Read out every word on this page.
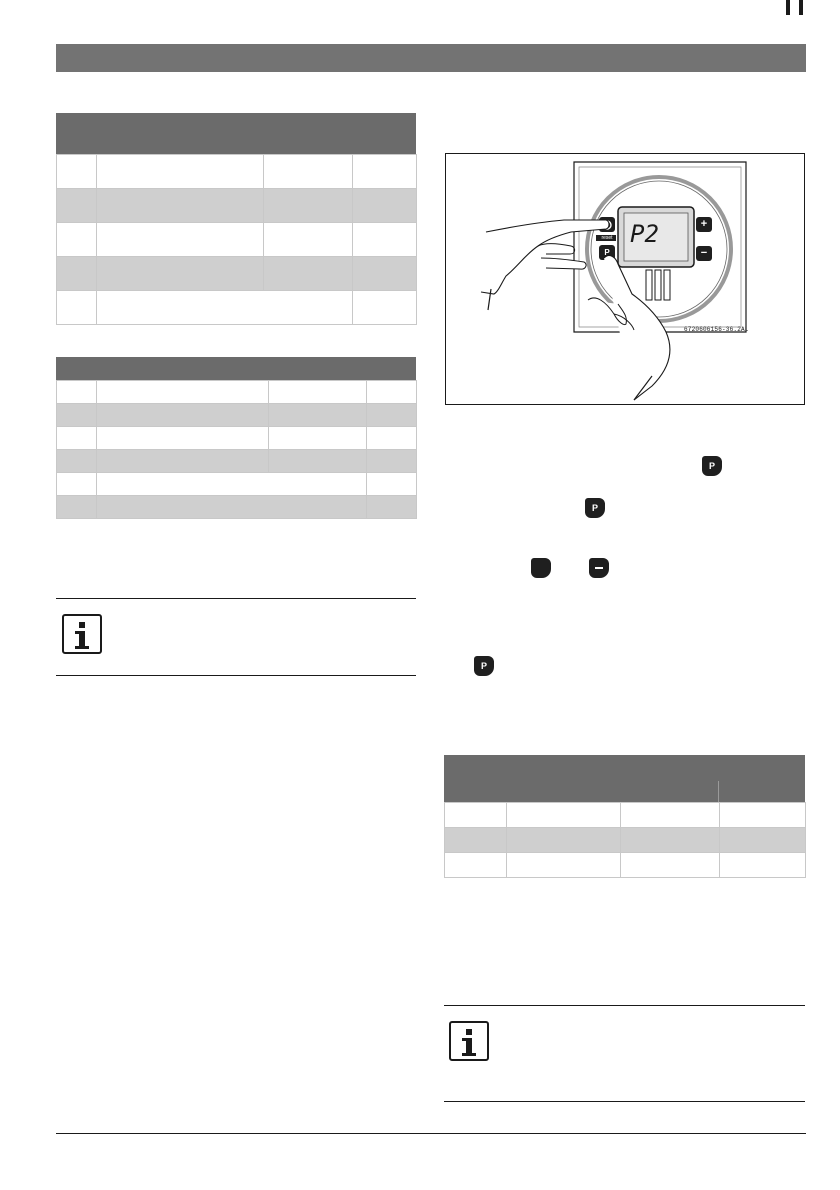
P2
reset
+
−
P
6720606156-36.2AL
P
P
P
